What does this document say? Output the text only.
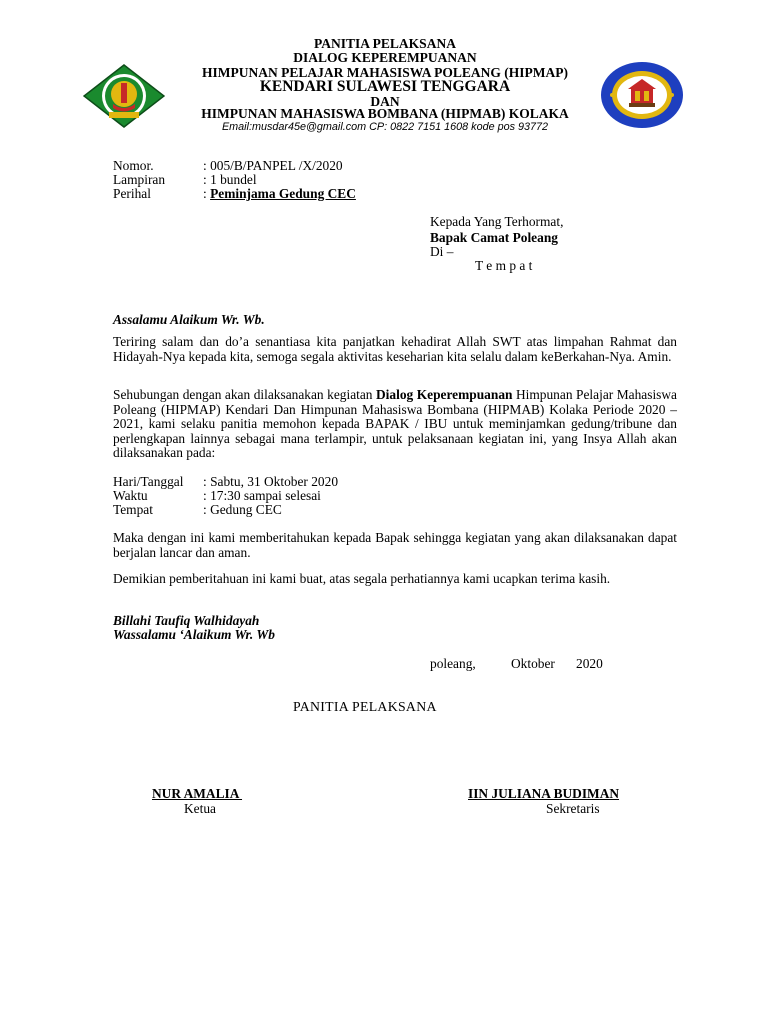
PANITIA PELAKSANA
DIALOG KEPEREMPUANAN
HIMPUNAN PELAJAR MAHASISWA POLEANG (HIPMAP)
KENDARI SULAWESI TENGGARA
DAN
HIMPUNAN MAHASISWA BOMBANA (HIPMAB) KOLAKA
Email:musdar45e@gmail.com CP: 0822 7151 1608 kode pos 93772
Nomor.	: 005/B/PANPEL /X/2020
Lampiran	: 1 bundel
Perihal	: Peminjama Gedung CEC
Kepada Yang Terhormat,
Bapak Camat Poleang
Di –
T e m p a t
Assalamu Alaikum Wr. Wb.
Teriring salam dan do’a senantiasa kita panjatkan kehadirat Allah SWT atas limpahan Rahmat dan Hidayah-Nya kepada kita, semoga segala aktivitas keseharian kita selalu dalam keBerkahan-Nya. Amin.
Sehubungan dengan akan dilaksanakan kegiatan Dialog Keperempuanan Himpunan Pelajar Mahasiswa Poleang (HIPMAP) Kendari Dan Himpunan Mahasiswa Bombana (HIPMAB) Kolaka Periode 2020 – 2021, kami selaku panitia memohon kepada BAPAK / IBU untuk meminjamkan gedung/tribune dan perlengkapan lainnya sebagai mana terlampir, untuk pelaksanaan kegiatan ini, yang Insya Allah akan dilaksanakan pada:
Hari/Tanggal : Sabtu, 31 Oktober 2020
Waktu	: 17:30 sampai selesai
Tempat	: Gedung CEC
Maka dengan ini kami memberitahukan kepada Bapak sehingga kegiatan yang akan dilaksanakan dapat berjalan lancar dan aman.
Demikian pemberitahuan ini kami buat, atas segala perhatiannya kami ucapkan terima kasih.
Billahi Taufiq Walhidayah
Wassalamu ‘Alaikum Wr. Wb
poleang,	Oktober 2020
PANITIA PELAKSANA
NUR AMALIA
Ketua
IIN JULIANA BUDIMAN
Sekretaris
